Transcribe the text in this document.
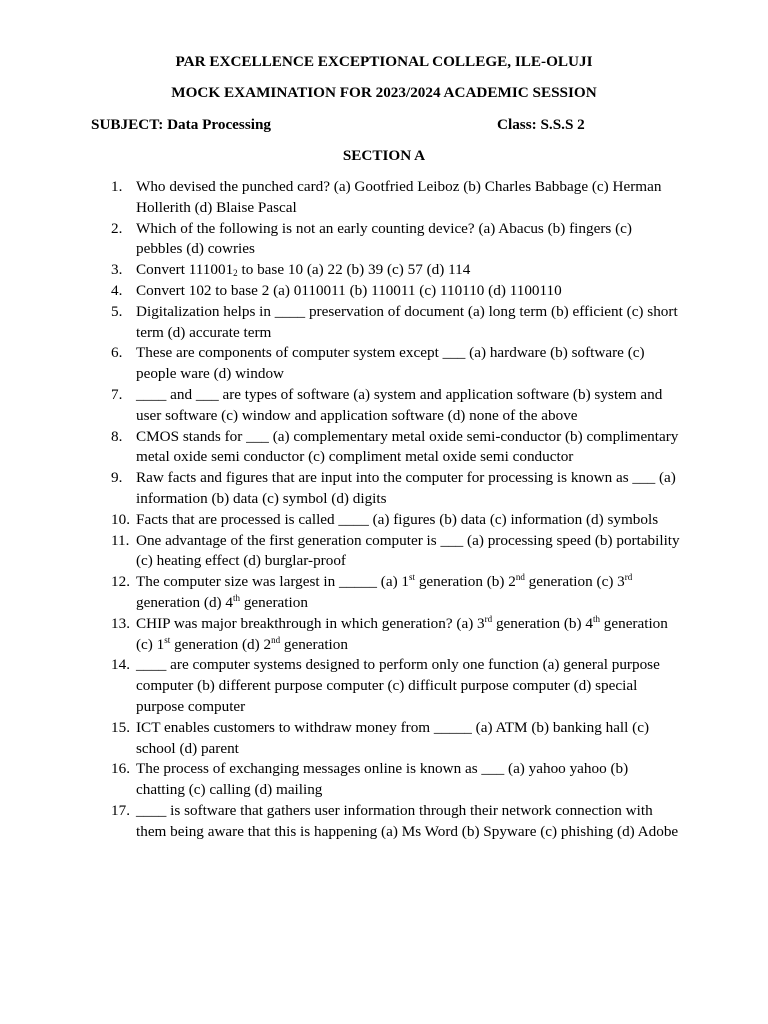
PAR EXCELLENCE EXCEPTIONAL COLLEGE, ILE-OLUJI
MOCK EXAMINATION FOR 2023/2024 ACADEMIC SESSION
SUBJECT: Data Processing	Class: S.S.S 2
SECTION A
1. Who devised the punched card? (a) Gootfried Leiboz (b) Charles Babbage (c) Herman Hollerith (d) Blaise Pascal
2. Which of the following is not an early counting device? (a) Abacus (b) fingers (c) pebbles (d) cowries
3. Convert $111001_2$ to base 10 (a) 22 (b) 39 (c) 57 (d) 114
4. Convert 102 to base 2 (a) 0110011 (b) 110011 (c) 110110 (d) 1100110
5. Digitalization helps in ____ preservation of document (a) long term (b) efficient (c) short term (d) accurate term
6. These are components of computer system except ___ (a) hardware (b) software (c) people ware (d) window
7. ____ and ___ are types of software (a) system and application software (b) system and user software (c) window and application software (d) none of the above
8. CMOS stands for ___ (a) complementary metal oxide semi-conductor (b) complimentary metal oxide semi conductor (c) compliment metal oxide semi conductor
9. Raw facts and figures that are input into the computer for processing is known as ___ (a) information (b) data (c) symbol (d) digits
10. Facts that are processed is called ____ (a) figures (b) data (c) information (d) symbols
11. One advantage of the first generation computer is ___ (a) processing speed (b) portability (c) heating effect (d) burglar-proof
12. The computer size was largest in _____ (a) 1st generation (b) 2nd generation (c) 3rd generation (d) 4th generation
13. CHIP was major breakthrough in which generation? (a) 3rd generation (b) 4th generation (c) 1st generation (d) 2nd generation
14. ____ are computer systems designed to perform only one function (a) general purpose computer (b) different purpose computer (c) difficult purpose computer (d) special purpose computer
15. ICT enables customers to withdraw money from _____ (a) ATM (b) banking hall (c) school (d) parent
16. The process of exchanging messages online is known as ___ (a) yahoo yahoo (b) chatting (c) calling (d) mailing
17. ____ is software that gathers user information through their network connection with them being aware that this is happening (a) Ms Word (b) Spyware (c) phishing (d) Adobe
